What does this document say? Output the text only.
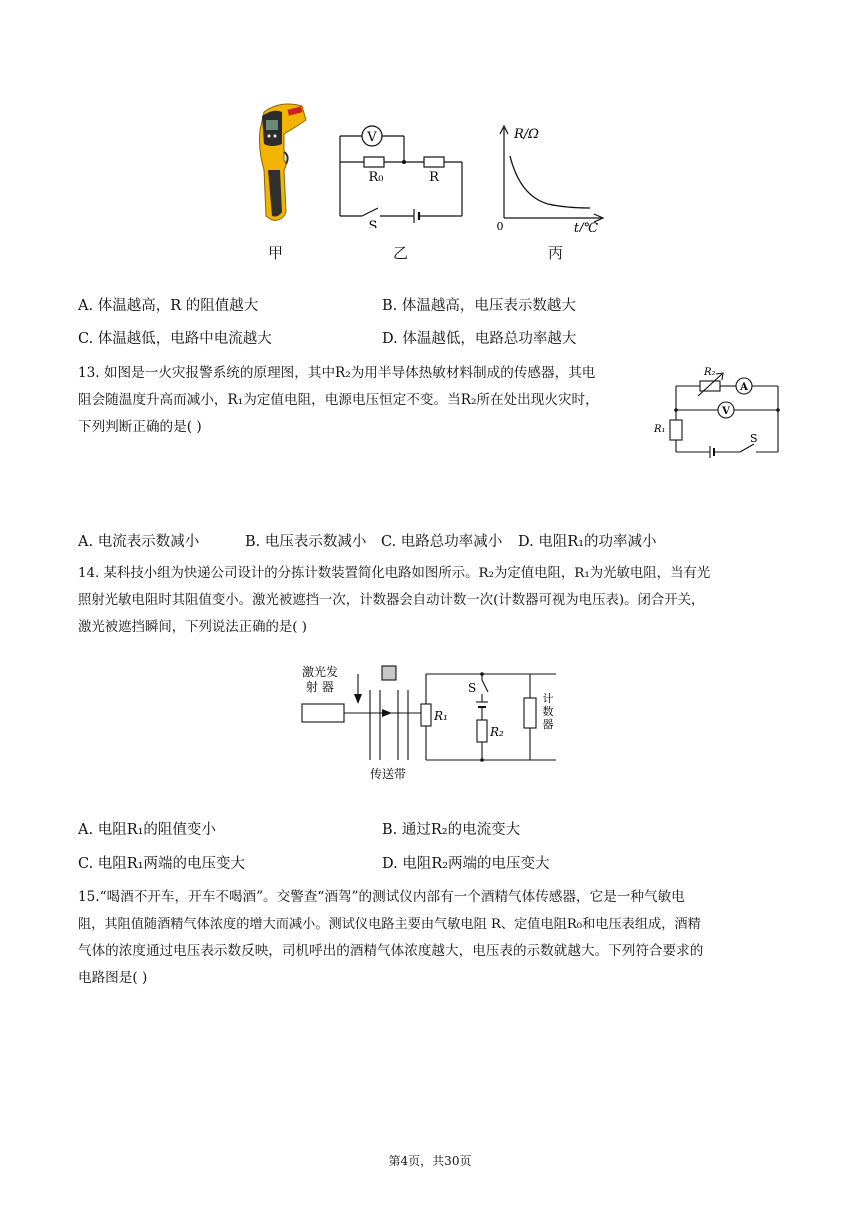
V
R₀	R
S
R/Ω
0	t/℃
甲	乙	丙
A. 体温越高，R 的阻值越大	B. 体温越高，电压表示数越大
C. 体温越低，电路中电流越大	D. 体温越低，电路总功率越大
13. 如图是一火灾报警系统的原理图，其中R₂为用半导体热敏材料制成的传感器，其电
阻会随温度升高而减小，R₁为定值电阻，电源电压恒定不变。当R₂所在处出现火灾时，
下列判断正确的是( )
R₂
A
V
R₁
S
A. 电流表示数减小	B. 电压表示数减小 C. 电路总功率减小 D. 电阻R₁的功率减小
14. 某科技小组为快递公司设计的分拣计数装置简化电路如图所示。R₂为定值电阻，R₁为光敏电阻，当有光
照射光敏电阻时其阻值变小。激光被遮挡一次，计数器会自动计数一次(计数器可视为电压表)。闭合开关，
激光被遮挡瞬间，下列说法正确的是( )
激光发
射 器
传送带
R₁
S
R₂
计
数
器
A. 电阻R₁的阻值变小	B. 通过R₂的电流变大
C. 电阻R₁两端的电压变大	D. 电阻R₂两端的电压变大
15.“喝酒不开车，开车不喝酒”。交警查“酒驾”的测试仪内部有一个酒精气体传感器，它是一种气敏电
阻，其阻值随酒精气体浓度的增大而减小。测试仪电路主要由气敏电阻 R、定值电阻R₀和电压表组成，酒精
气体的浓度通过电压表示数反映，司机呼出的酒精气体浓度越大，电压表的示数就越大。下列符合要求的
电路图是( )
第4页，共30页
